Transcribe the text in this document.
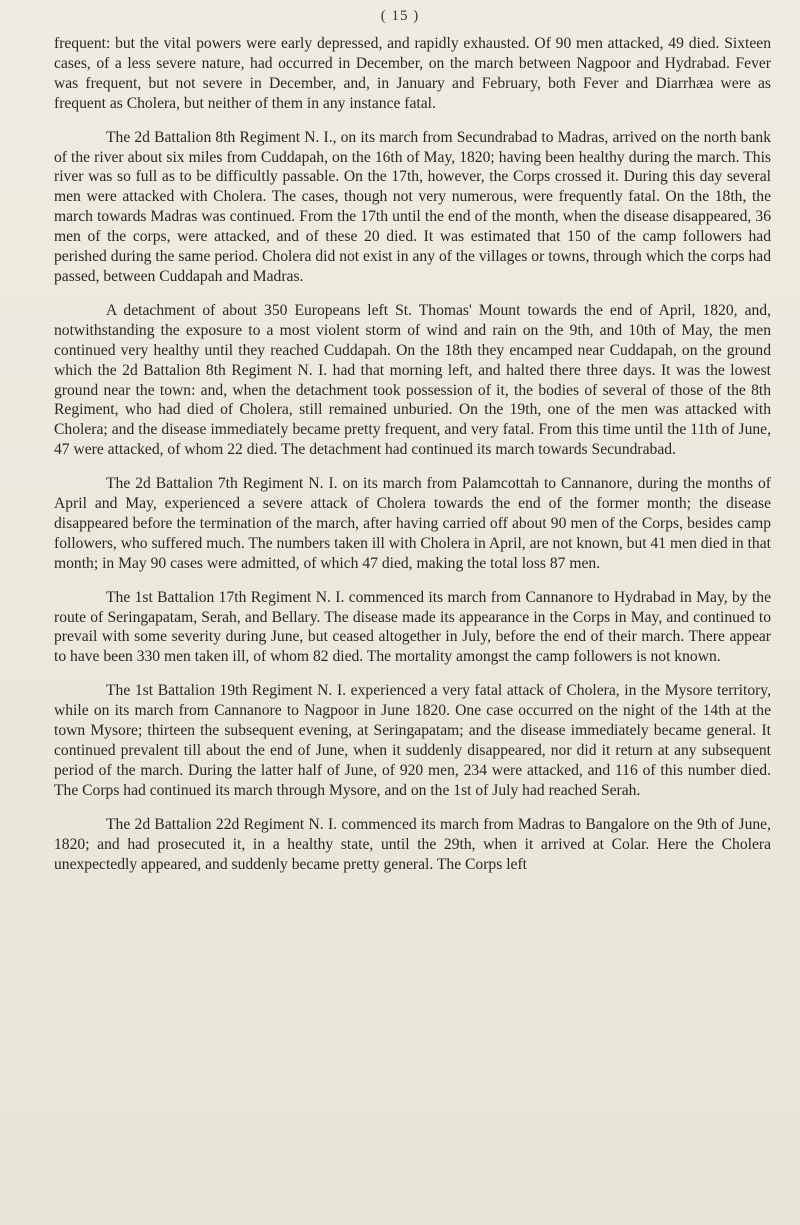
( 15 )

frequent: but the vital powers were early depressed, and rapidly exhausted. Of 90 men attacked, 49 died. Sixteen cases, of a less severe nature, had occurred in December, on the march between Nagpoor and Hydrabad. Fever was frequent, but not severe in December, and, in January and February, both Fever and Diarrhæa were as frequent as Cholera, but neither of them in any instance fatal.

The 2d Battalion 8th Regiment N. I., on its march from Secundrabad to Madras, arrived on the north bank of the river about six miles from Cuddapah, on the 16th of May, 1820; having been healthy during the march. This river was so full as to be difficultly passable. On the 17th, however, the Corps crossed it. During this day several men were attacked with Cholera. The cases, though not very numerous, were frequently fatal. On the 18th, the march towards Madras was continued. From the 17th until the end of the month, when the disease disappeared, 36 men of the corps, were attacked, and of these 20 died. It was estimated that 150 of the camp followers had perished during the same period. Cholera did not exist in any of the villages or towns, through which the corps had passed, between Cuddapah and Madras.

A detachment of about 350 Europeans left St. Thomas' Mount towards the end of April, 1820, and, notwithstanding the exposure to a most violent storm of wind and rain on the 9th, and 10th of May, the men continued very healthy until they reached Cuddapah. On the 18th they encamped near Cuddapah, on the ground which the 2d Battalion 8th Regiment N. I. had that morning left, and halted there three days. It was the lowest ground near the town: and, when the detachment took possession of it, the bodies of several of those of the 8th Regiment, who had died of Cholera, still remained unburied. On the 19th, one of the men was attacked with Cholera; and the disease immediately became pretty frequent, and very fatal. From this time until the 11th of June, 47 were attacked, of whom 22 died. The detachment had continued its march towards Secundrabad.

The 2d Battalion 7th Regiment N. I. on its march from Palamcottah to Cannanore, during the months of April and May, experienced a severe attack of Cholera towards the end of the former month; the disease disappeared before the termination of the march, after having carried off about 90 men of the Corps, besides camp followers, who suffered much. The numbers taken ill with Cholera in April, are not known, but 41 men died in that month; in May 90 cases were admitted, of which 47 died, making the total loss 87 men.

The 1st Battalion 17th Regiment N. I. commenced its march from Cannanore to Hydrabad in May, by the route of Seringapatam, Serah, and Bellary. The disease made its appearance in the Corps in May, and continued to prevail with some severity during June, but ceased altogether in July, before the end of their march. There appear to have been 330 men taken ill, of whom 82 died. The mortality amongst the camp followers is not known.

The 1st Battalion 19th Regiment N. I. experienced a very fatal attack of Cholera, in the Mysore territory, while on its march from Cannanore to Nagpoor in June 1820. One case occurred on the night of the 14th at the town Mysore; thirteen the subsequent evening, at Seringapatam; and the disease immediately became general. It continued prevalent till about the end of June, when it suddenly disappeared, nor did it return at any subsequent period of the march. During the latter half of June, of 920 men, 234 were attacked, and 116 of this number died. The Corps had continued its march through Mysore, and on the 1st of July had reached Serah.

The 2d Battalion 22d Regiment N. I. commenced its march from Madras to Bangalore on the 9th of June, 1820; and had prosecuted it, in a healthy state, until the 29th, when it arrived at Colar. Here the Cholera unexpectedly appeared, and suddenly became pretty general. The Corps left
